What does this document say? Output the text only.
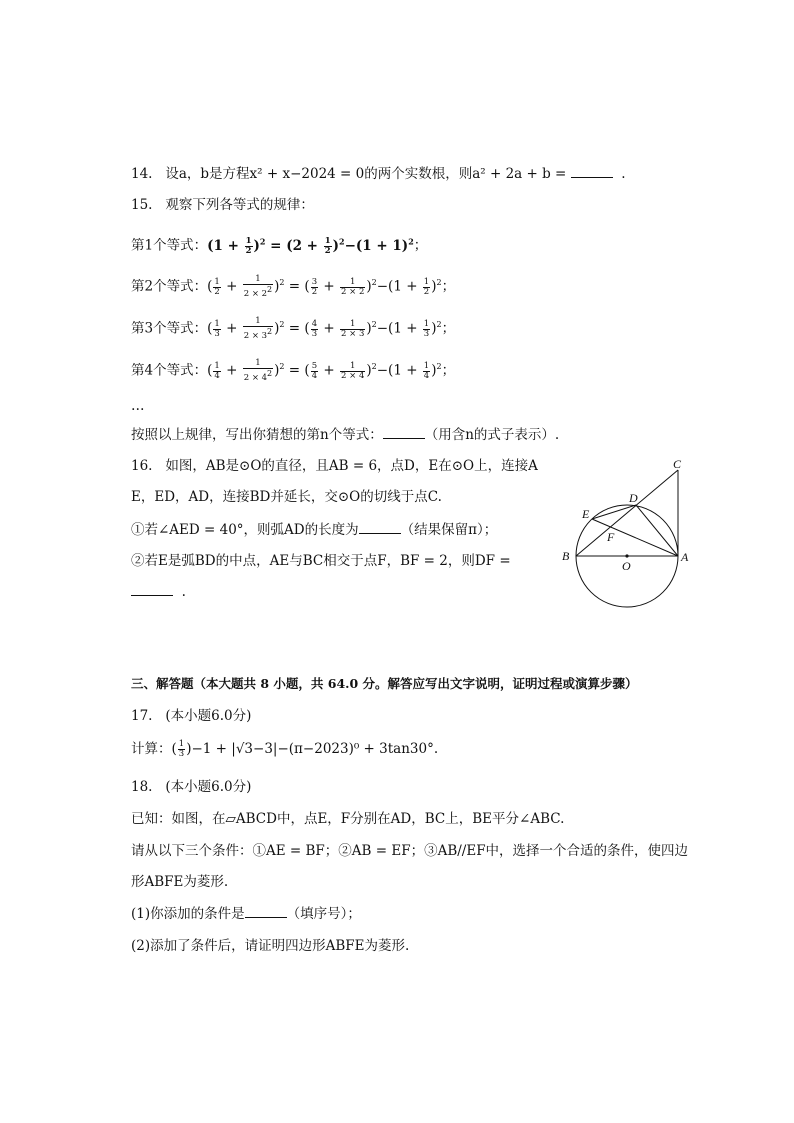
14. 设a，b是方程x² + x−2024 = 0的两个实数根，则a² + 2a + b =	.
15. 观察下列各等式的规律：
第1个等式：$(1 + \frac{1}{2} )^2 = (2 + \frac{1}{2} )^2-(1 + 1)^2$；
第2个等式：( $\frac{1}{2} + \frac{1}{2 \times 2^2} )^2$ = ( $\frac{3}{2} + \frac{1}{2 \times 2} )^2-(1 + \frac{1}{2} )^2$；
第3个等式：( $\frac{1}{3} + \frac{1}{2 \times 3^2} )^2$ = ( $\frac{4}{3} + \frac{1}{2 \times 3} )^2-(1 + \frac{1}{3} )^2$；
第4个等式：( $\frac{1}{4} + \frac{1}{2 \times 4^2} )^2$ = ( $\frac{5}{4} + \frac{1}{2 \times 4} )^2-(1 + \frac{1}{4} )^2$；
…
按照以上规律，写出你猜想的第n个等式：	（用含n的式子表示）.
16. 如图，AB是⊙O的直径，且AB = 6，点D，E在⊙O上，连接A
E，ED，AD，连接BD并延长，交⊙O的切线于点C.
①若∠AED = 40°，则弧AD的长度为	（结果保留π）；
②若E是弧BD的中点，AE与BC相交于点F，BF = 2，则DF =
.
C
D
E
F
B
O
A
三、解答题（本大题共 8 小题，共 64.0 分。解答应写出文字说明，证明过程或演算步骤）
17. (本小题6.0分)
计算：( $\frac{1}{3} )-1 + |√3-3|-(\pi-2023)^0 + 3\tan 30^\circ$.
18. (本小题6.0分)
已知：如图，在▱ABCD中，点E，F分别在AD，BC上，BE平分∠ABC.
请从以下三个条件：①AE = BF；②AB = EF；③AB//EF中，选择一个合适的条件，使四边
形ABFE为菱形.
(1)你添加的条件是	（填序号）；
(2)添加了条件后，请证明四边形ABFE为菱形.
